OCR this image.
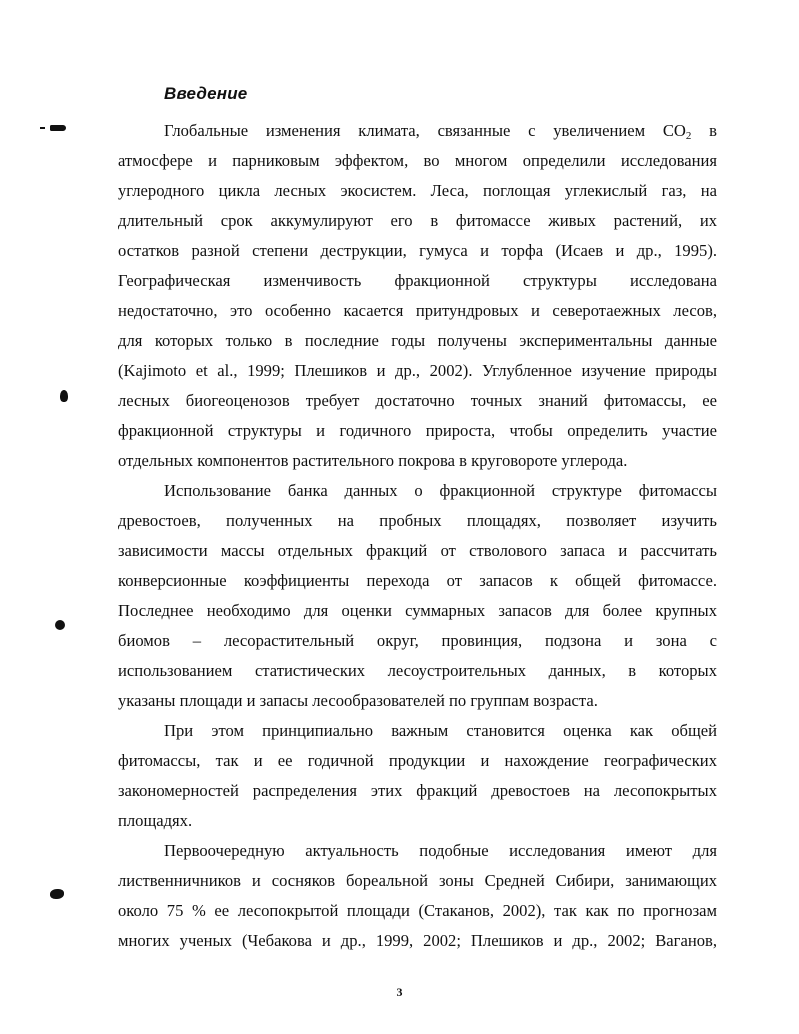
Введение
Глобальные изменения климата, связанные с увеличением $CO_2$ в
атмосфере и парниковым эффектом, во многом определили исследования
углеродного цикла лесных экосистем. Леса, поглощая углекислый газ, на
длительный срок аккумулируют его в фитомассе живых растений, их
остатков разной степени деструкции, гумуса и торфа (Исаев и др., 1995).
Географическая изменчивость фракционной структуры исследована
недостаточно, это особенно касается притундровых и северотаежных лесов,
для которых только в последние годы получены экспериментальны данные
(Kajimoto et al., 1999; Плешиков и др., 2002). Углубленное изучение природы
лесных биогеоценозов требует достаточно точных знаний фитомассы, ее
фракционной структуры и годичного прироста, чтобы определить участие
отдельных компонентов растительного покрова в круговороте углерода.
Использование банка данных о фракционной структуре фитомассы
древостоев, полученных на пробных площадях, позволяет изучить
зависимости массы отдельных фракций от стволового запаса и рассчитать
конверсионные коэффициенты перехода от запасов к общей фитомассе.
Последнее необходимо для оценки суммарных запасов для более крупных
биомов – лесорастительный округ, провинция, подзона и зона с
использованием статистических лесоустроительных данных, в которых
указаны площади и запасы лесообразователей по группам возраста.
При этом принципиально важным становится оценка как общей
фитомассы, так и ее годичной продукции и нахождение географических
закономерностей распределения этих фракций древостоев на лесопокрытых
площадях.
Первоочередную актуальность подобные исследования имеют для
лиственничников и сосняков бореальной зоны Средней Сибири, занимающих
около 75 % ее лесопокрытой площади (Стаканов, 2002), так как по прогнозам
многих ученых (Чебакова и др., 1999, 2002; Плешиков и др., 2002; Ваганов,
3
